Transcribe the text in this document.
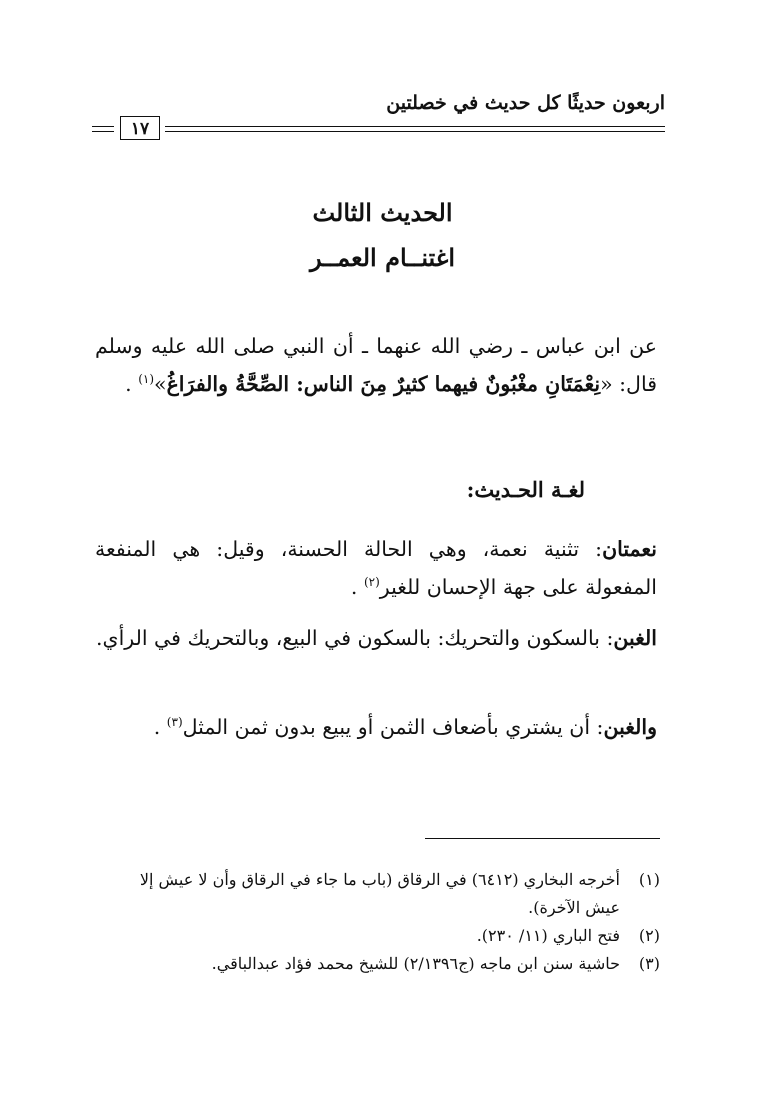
اربعون حديثًا كل حديث في خصلتين
١٧
الحديث الثالث
اغتنــام العمــر
عن ابن عباس ـ رضي الله عنهما ـ أن النبي صلى الله عليه وسلم قال: «نِعْمَتَانِ مغْبُونٌ فيهما كثيرٌ مِنَ الناس: الصِّحَّةُ والفرَاغُ»$^{(١)}$ .
لغـة الحـديث:
نعمتان: تثنية نعمة، وهي الحالة الحسنة، وقيل: هي المنفعة المفعولة على جهة الإحسان للغير$^{(٢)}$ .
الغبن: بالسكون والتحريك: بالسكون في البيع، وبالتحريك في الرأي.
والغبن: أن يشتري بأضعاف الثمن أو يبيع بدون ثمن المثل$^{(٣)}$ .
(١)
أخرجه البخاري (٦٤١٢) في الرقاق (باب ما جاء في الرقاق وأن لا عيش إلا عيش الآخرة).
(٢)
فتح الباري (١١/ ٢٣٠).
(٣)
حاشية سنن ابن ماجه (ج٢/١٣٩٦) للشيخ محمد فؤاد عبدالباقي.
